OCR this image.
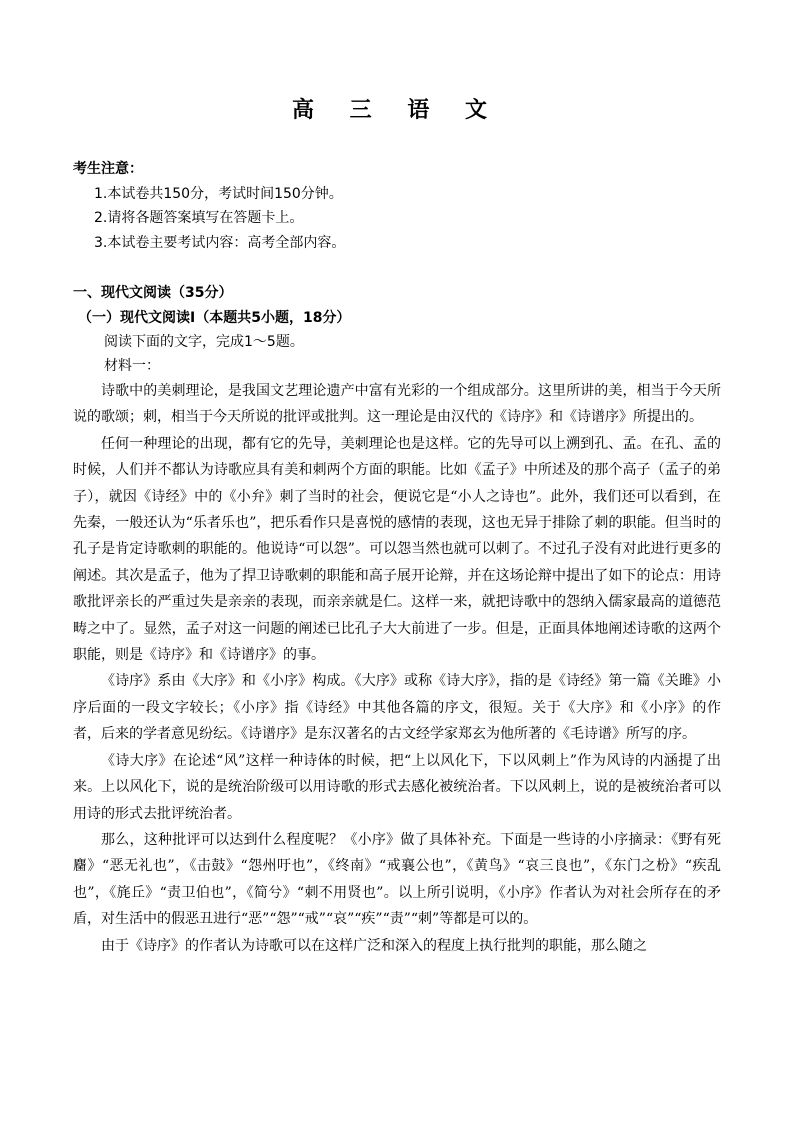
高 三 语 文
考生注意：
1.本试卷共150分，考试时间150分钟。
2.请将各题答案填写在答题卡上。
3.本试卷主要考试内容：高考全部内容。
一、现代文阅读（35分）
（一）现代文阅读Ⅰ（本题共5小题，18分）
阅读下面的文字，完成1～5题。
材料一：

诗歌中的美刺理论，是我国文艺理论遗产中富有光彩的一个组成部分。这里所讲的美，相当于今天所说的歌颂；刺，相当于今天所说的批评或批判。这一理论是由汉代的《诗序》和《诗谱序》所提出的。

任何一种理论的出现，都有它的先导，美刺理论也是这样。它的先导可以上溯到孔、孟。在孔、孟的时候，人们并不都认为诗歌应具有美和刺两个方面的职能。比如《孟子》中所述及的那个高子（孟子的弟子），就因《诗经》中的《小弁》刺了当时的社会，便说它是“小人之诗也”。此外，我们还可以看到，在先秦，一般还认为“乐者乐也”，把乐看作只是喜悦的感情的表现，这也无异于排除了刺的职能。但当时的孔子是肯定诗歌刺的职能的。他说诗“可以怨”。可以怨当然也就可以刺了。不过孔子没有对此进行更多的阐述。其次是孟子，他为了捍卫诗歌刺的职能和高子展开论辩，并在这场论辩中提出了如下的论点：用诗歌批评亲长的严重过失是亲亲的表现，而亲亲就是仁。这样一来，就把诗歌中的怨纳入儒家最高的道德范畴之中了。显然，孟子对这一问题的阐述已比孔子大大前进了一步。但是，正面具体地阐述诗歌的这两个职能，则是《诗序》和《诗谱序》的事。

《诗序》系由《大序》和《小序》构成。《大序》或称《诗大序》，指的是《诗经》第一篇《关雎》小序后面的一段文字较长；《小序》指《诗经》中其他各篇的序文，很短。关于《大序》和《小序》的作者，后来的学者意见纷纭。《诗谱序》是东汉著名的古文经学家郑玄为他所著的《毛诗谱》所写的序。

《诗大序》在论述“风”这样一种诗体的时候，把“上以风化下，下以风刺上”作为风诗的内涵提了出来。上以风化下，说的是统治阶级可以用诗歌的形式去感化被统治者。下以风刺上，说的是被统治者可以用诗的形式去批评统治者。

那么，这种批评可以达到什么程度呢？《小序》做了具体补充。下面是一些诗的小序摘录：《野有死麕》“恶无礼也”，《击鼓》“怨州吁也”，《终南》“戒襄公也”，《黄鸟》“哀三良也”，《东门之枌》“疾乱也”，《旄丘》“责卫伯也”，《简兮》“刺不用贤也”。以上所引说明，《小序》作者认为对社会所存在的矛盾，对生活中的假恶丑进行“恶”“怨”“戒”“哀”“疾”“责”“刺”等都是可以的。

由于《诗序》的作者认为诗歌可以在这样广泛和深入的程度上执行批判的职能，那么随之
